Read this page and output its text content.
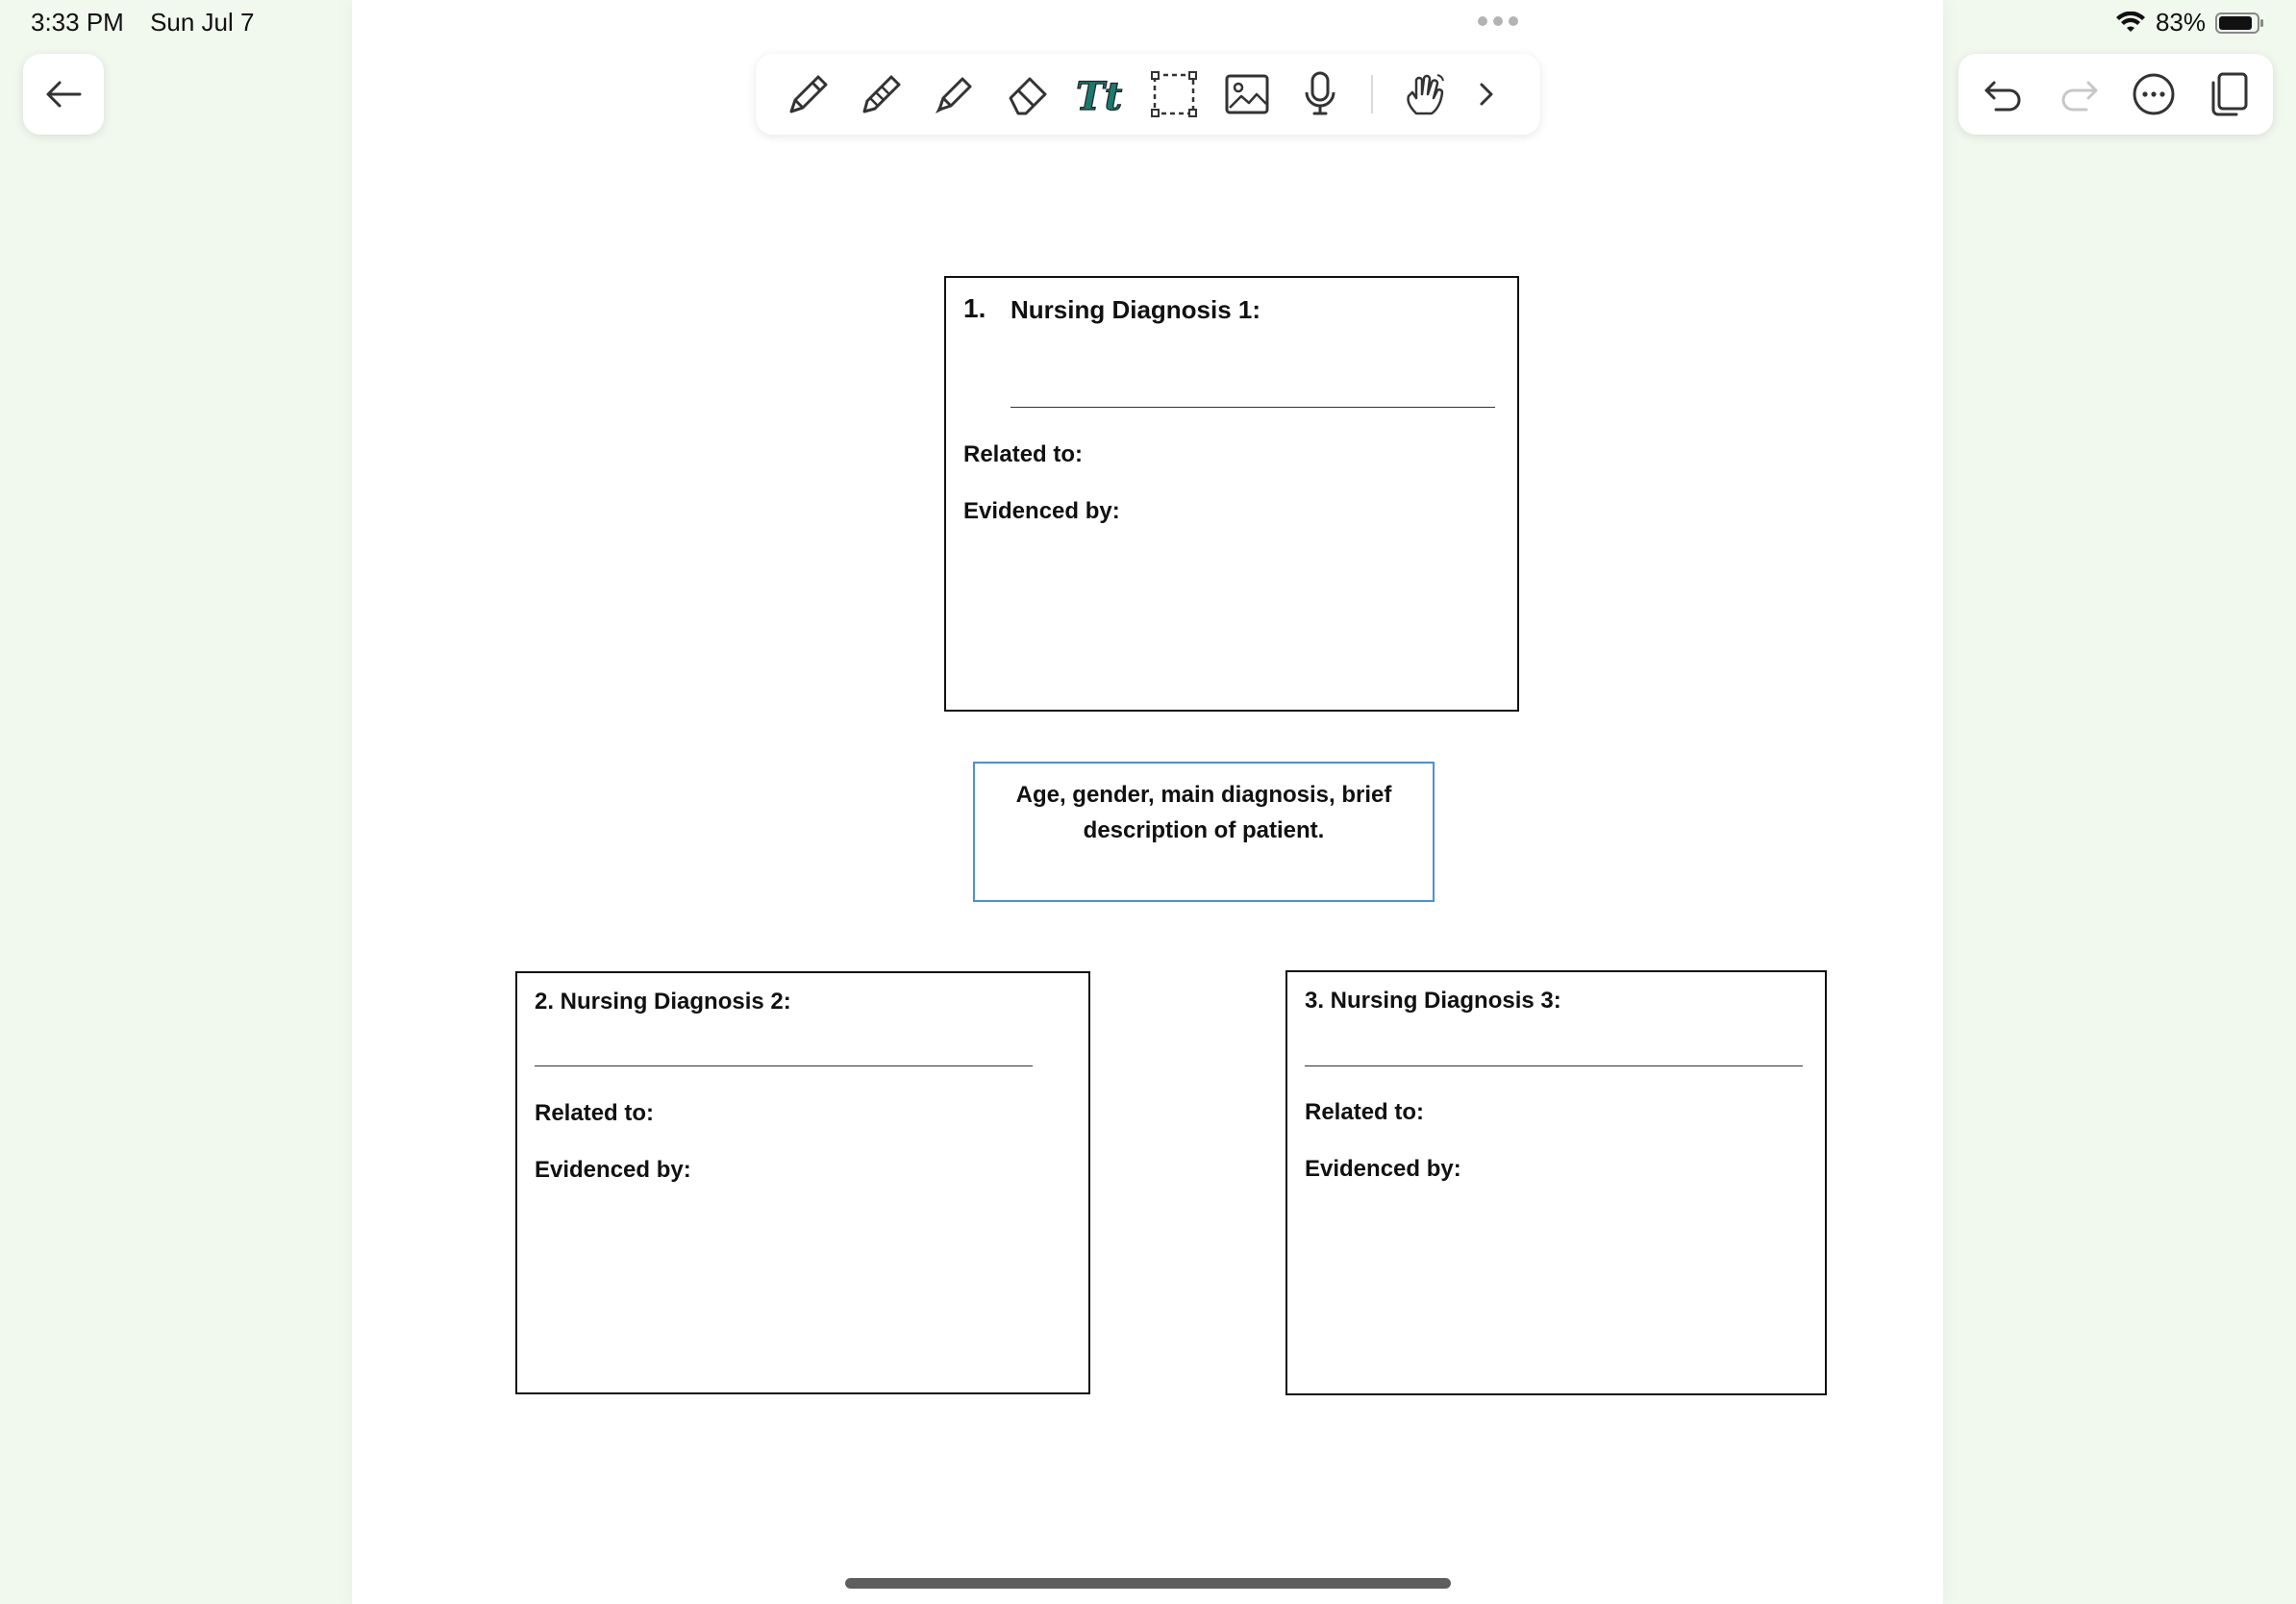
3:33 PM Sun Jul 7	83%
1. Nursing Diagnosis 1:
Related to:
Evidenced by:
Age, gender, main diagnosis, brief
description of patient.
2. Nursing Diagnosis 2:
Related to:
Evidenced by:
3. Nursing Diagnosis 3:
Related to:
Evidenced by:
Tt
